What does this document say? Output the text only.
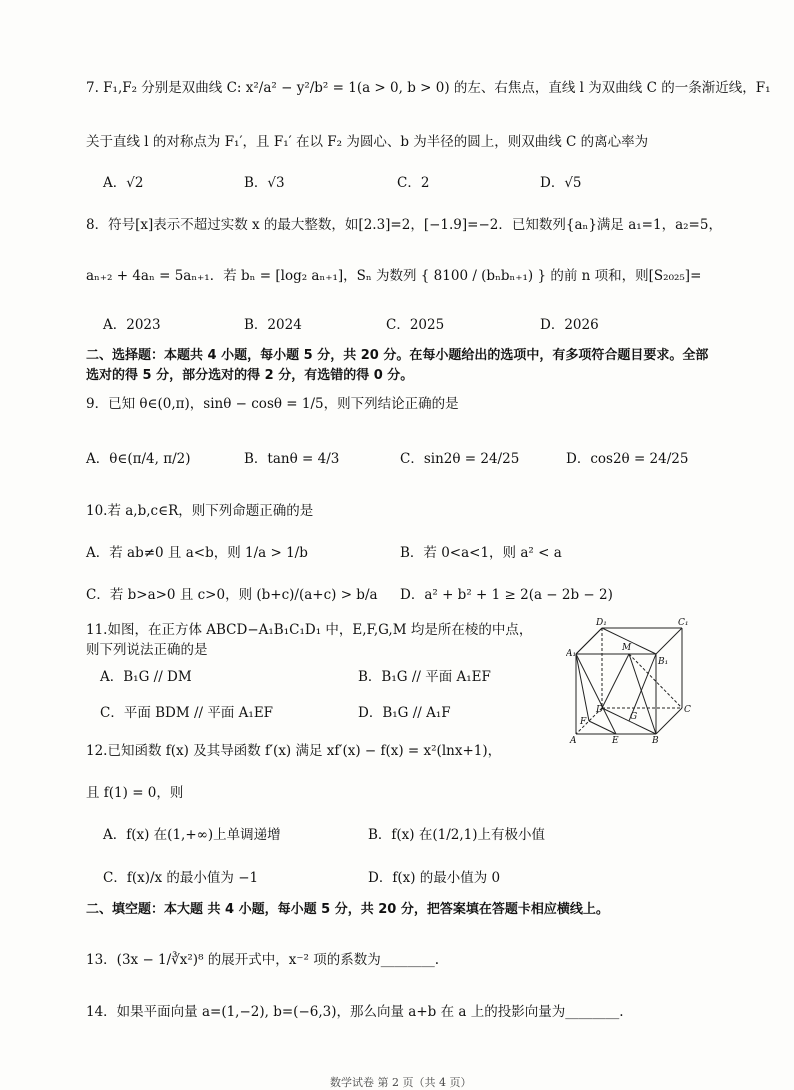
7. F₁,F₂ 分别是双曲线 C: x²/a² − y²/b² = 1(a > 0, b > 0) 的左、右焦点，直线 l 为双曲线 C 的一条渐近线，F₁
关于直线 l 的对称点为 F₁′，且 F₁′ 在以 F₂ 为圆心、b 为半径的圆上，则双曲线 C 的离心率为
A．√2	B．√3	C．2	D．√5
8．符号[x]表示不超过实数 x 的最大整数，如[2.3]=2，[−1.9]=−2．已知数列{aₙ}满足 a₁=1，a₂=5，
aₙ₊₂ + 4aₙ = 5aₙ₊₁．若 bₙ = [log₂ aₙ₊₁]，Sₙ 为数列 { 8100 / (bₙbₙ₊₁) } 的前 n 项和，则[S₂₀₂₅]=
A．2023	B．2024	C．2025	D．2026
二、选择题：本题共 4 小题，每小题 5 分，共 20 分。在每小题给出的选项中，有多项符合题目要求。全部
选对的得 5 分，部分选对的得 2 分，有选错的得 0 分。
9．已知 θ∈(0,π)，sinθ − cosθ = 1/5，则下列结论正确的是
A．θ∈(π/4, π/2)	B．tanθ = 4/3	C．sin2θ = 24/25	D．cos2θ = 24/25
10.若 a,b,c∈R，则下列命题正确的是
A．若 ab≠0 且 a<b，则 1/a > 1/b	B．若 0<a<1，则 a² < a
C．若 b>a>0 且 c>0，则 (b+c)/(a+c) > b/a D．a² + b² + 1 ≥ 2(a − 2b − 2)
11.如图，在正方体 ABCD−A₁B₁C₁D₁ 中，E,F,G,M 均是所在棱的中点，
则下列说法正确的是
A．B₁G // DM	B．B₁G // 平面 A₁EF
C．平面 BDM // 平面 A₁EF	D．B₁G // A₁F
D₁	C₁
A₁
M
B₁
D	C
F	G
A	E	B
12.已知函数 f(x) 及其导函数 f′(x) 满足 xf′(x) − f(x) = x²(lnx+1)，
且 f(1) = 0，则
A．f(x) 在(1,+∞)上单调递增	B．f(x) 在(1/2,1)上有极小值
C．f(x)/x 的最小值为 −1	D．f(x) 的最小值为 0
二、填空题：本大题 共 4 小题，每小题 5 分，共 20 分，把答案填在答题卡相应横线上。
13．(3x − 1/∛x²)⁸ 的展开式中，x⁻² 项的系数为________.
14．如果平面向量 a=(1,−2), b=(−6,3)，那么向量 a+b 在 a 上的投影向量为________.
数学试卷 第 2 页（共 4 页）
